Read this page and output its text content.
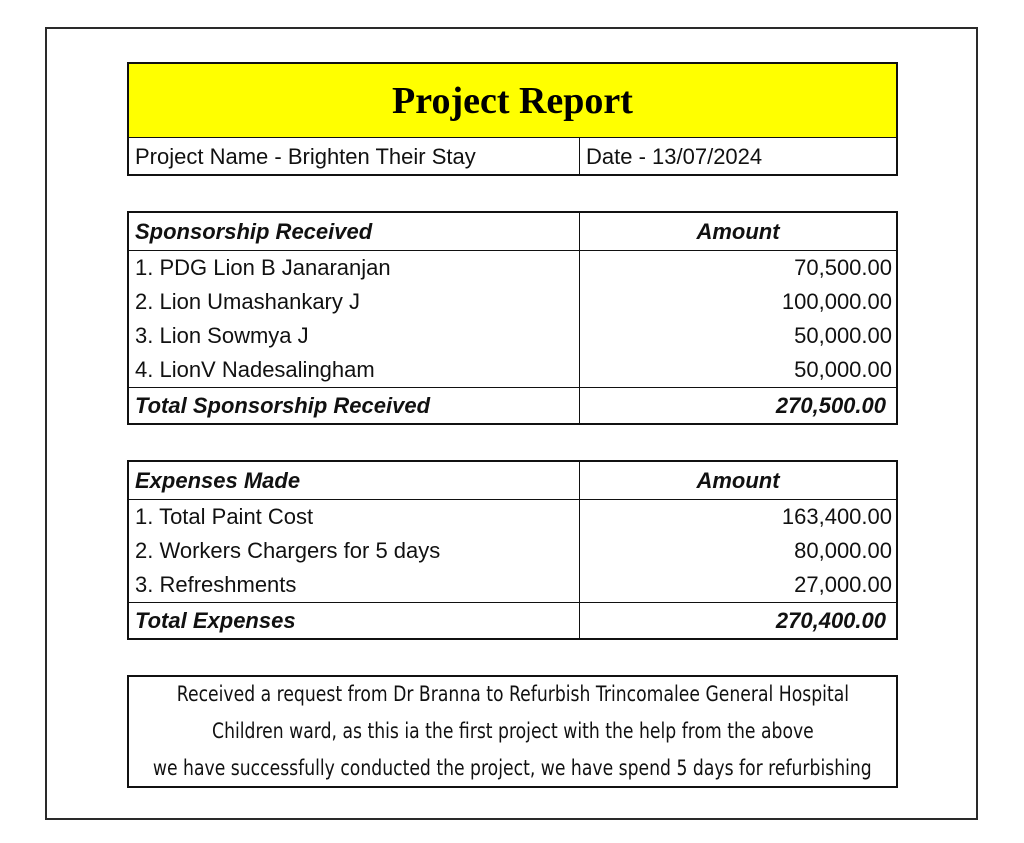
Project Report
Project Name - Brighten Their Stay	Date - 13/07/2024
Sponsorship Received	Amount
1. PDG Lion B Janaranjan	70,500.00
2. Lion Umashankary J	100,000.00
3. Lion Sowmya J	50,000.00
4. LionV Nadesalingham	50,000.00
Total Sponsorship Received	270,500.00
Expenses Made	Amount
1. Total Paint Cost	163,400.00
2. Workers Chargers for 5 days	80,000.00
3. Refreshments	27,000.00
Total Expenses	270,400.00
Received a request from Dr Branna to Refurbish Trincomalee General Hospital
Children ward, as this ia the first project with the help from the above
we have successfully conducted the project, we have spend 5 days for refurbishing
